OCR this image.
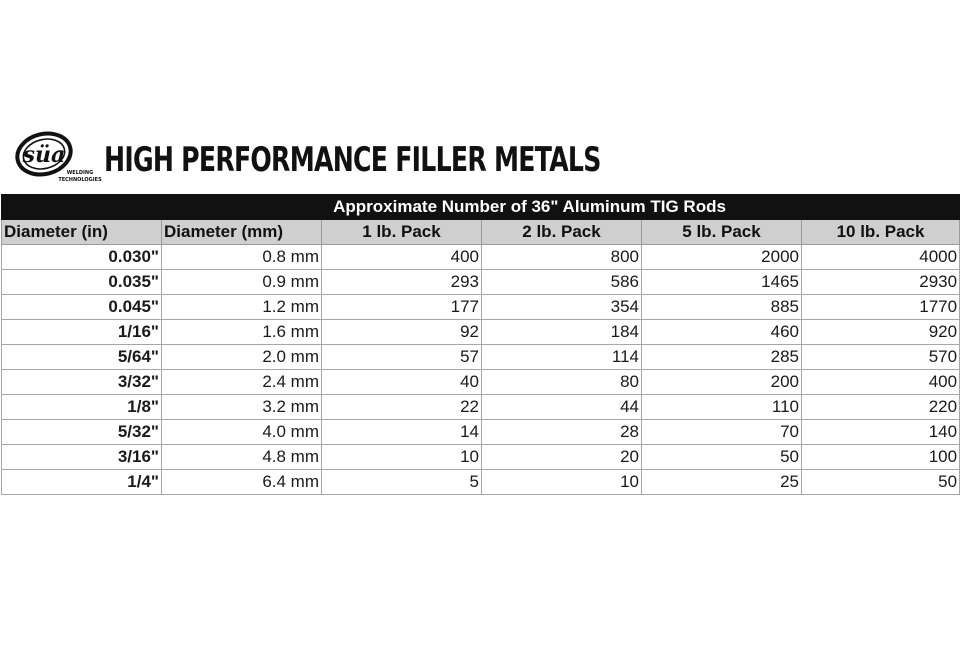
süa
WELDING
TECHNOLOGIES HIGH PERFORMANCE FILLER METALS
Approximate Number of 36" Aluminum TIG Rods					
Diameter (in)	Diameter (mm)	1 lb. Pack	2 lb. Pack	5 lb. Pack	10 lb. Pack
0.030"	0.8 mm	400	800	2000	4000
0.035"	0.9 mm	293	586	1465	2930
0.045"	1.2 mm	177	354	885	1770
1/16"	1.6 mm	92	184	460	920
5/64"	2.0 mm	57	114	285	570
3/32"	2.4 mm	40	80	200	400
1/8"	3.2 mm	22	44	110	220
5/32"	4.0 mm	14	28	70	140
3/16"	4.8 mm	10	20	50	100
1/4"	6.4 mm	5	10	25	50
